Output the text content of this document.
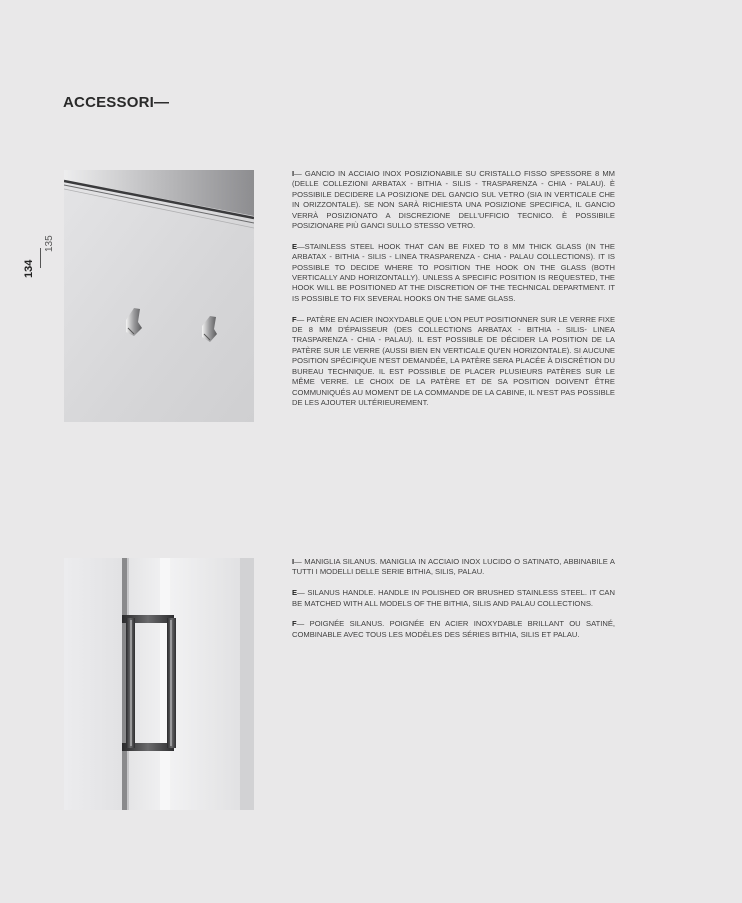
ACCESSORI—
134
135

I— GANCIO IN ACCIAIO INOX POSIZIONABILE SU CRISTALLO FISSO SPESSORE 8 MM (DELLE COLLEZIONI ARBATAX - BITHIA - SILIS - TRASPARENZA - CHIA - PALAU). È POSSIBILE DECIDERE LA POSIZIONE DEL GANCIO SUL VETRO (SIA IN VERTICALE CHE IN ORIZZONTALE). SE NON SARÀ RICHIESTA UNA POSIZIONE SPECIFICA, IL GANCIO VERRÀ POSIZIONATO A DISCREZIONE DELL'UFFICIO TECNICO. È POSSIBILE POSIZIONARE PIÙ GANCI SULLO STESSO VETRO.

E—STAINLESS STEEL HOOK THAT CAN BE FIXED TO 8 MM THICK GLASS (IN THE ARBATAX - BITHIA - SILIS - LINEA TRASPARENZA - CHIA - PALAU COLLECTIONS). IT IS POSSIBLE TO DECIDE WHERE TO POSITION THE HOOK ON THE GLASS (BOTH VERTICALLY AND HORIZONTALLY). UNLESS A SPECIFIC POSITION IS REQUESTED, THE HOOK WILL BE POSITIONED AT THE DISCRETION OF THE TECHNICAL DEPARTMENT. IT IS POSSIBLE TO FIX SEVERAL HOOKS ON THE SAME GLASS.

F— PATÈRE EN ACIER INOXYDABLE QUE L'ON PEUT POSITIONNER SUR LE VERRE FIXE DE 8 MM D'ÉPAISSEUR (DES COLLECTIONS ARBATAX - BITHIA - SILIS- LINEA TRASPARENZA - CHIA - PALAU). IL EST POSSIBLE DE DÉCIDER LA POSITION DE LA PATÈRE SUR LE VERRE (AUSSI BIEN EN VERTICALE QU'EN HORIZONTALE). SI AUCUNE POSITION SPÉCIFIQUE N'EST DEMANDÉE, LA PATÈRE SERA PLACÉE À DISCRÉTION DU BUREAU TECHNIQUE. IL EST POSSIBLE DE PLACER PLUSIEURS PATÈRES SUR LE MÊME VERRE. LE CHOIX DE LA PATÈRE ET DE SA POSITION DOIVENT ÊTRE COMMUNIQUÉS AU MOMENT DE LA COMMANDE DE LA CABINE, IL N'EST PAS POSSIBLE DE LES AJOUTER ULTÉRIEUREMENT.

I— MANIGLIA SILANUS. MANIGLIA IN ACCIAIO INOX LUCIDO O SATINATO, ABBINABILE A TUTTI I MODELLI DELLE SERIE BITHIA, SILIS, PALAU.

E— SILANUS HANDLE. HANDLE IN POLISHED OR BRUSHED STAINLESS STEEL. IT CAN BE MATCHED WITH ALL MODELS OF THE BITHIA, SILIS AND PALAU COLLECTIONS.

F— POIGNÉE SILANUS. POIGNÉE EN ACIER INOXYDABLE BRILLANT OU SATINÉ, COMBINABLE AVEC TOUS LES MODÈLES DES SÉRIES BITHIA, SILIS ET PALAU.
